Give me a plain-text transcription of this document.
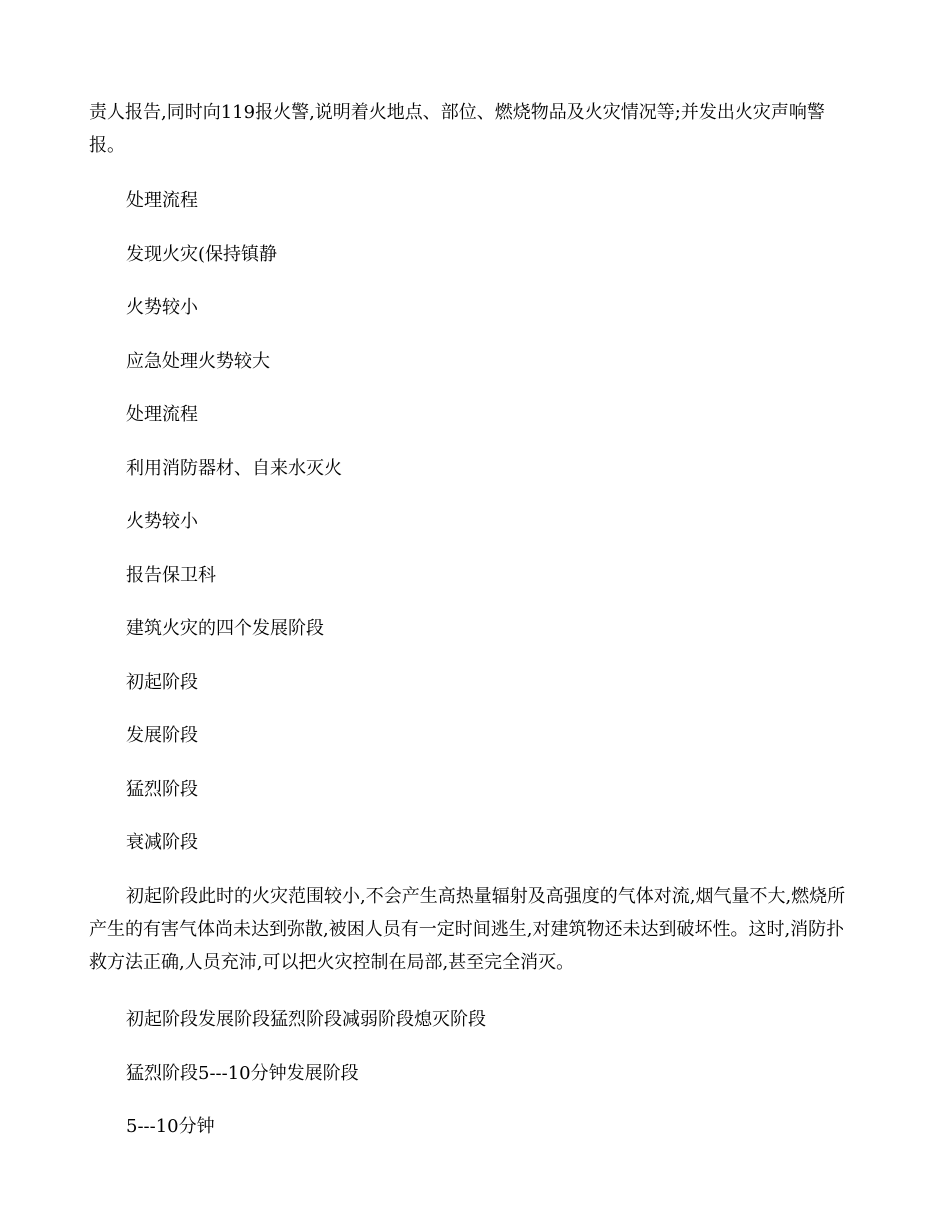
责人报告,同时向119报火警,说明着火地点、部位、燃烧物品及火灾情况等;并发出火灾声响警报。
处理流程
发现火灾(保持镇静
火势较小
应急处理火势较大
处理流程
利用消防器材、自来水灭火
火势较小
报告保卫科
建筑火灾的四个发展阶段
初起阶段
发展阶段
猛烈阶段
衰减阶段
初起阶段此时的火灾范围较小,不会产生高热量辐射及高强度的气体对流,烟气量不大,燃烧所产生的有害气体尚未达到弥散,被困人员有一定时间逃生,对建筑物还未达到破坏性。这时,消防扑救方法正确,人员充沛,可以把火灾控制在局部,甚至完全消灭。
初起阶段发展阶段猛烈阶段减弱阶段熄灭阶段
猛烈阶段5---10分钟发展阶段
5---10分钟
